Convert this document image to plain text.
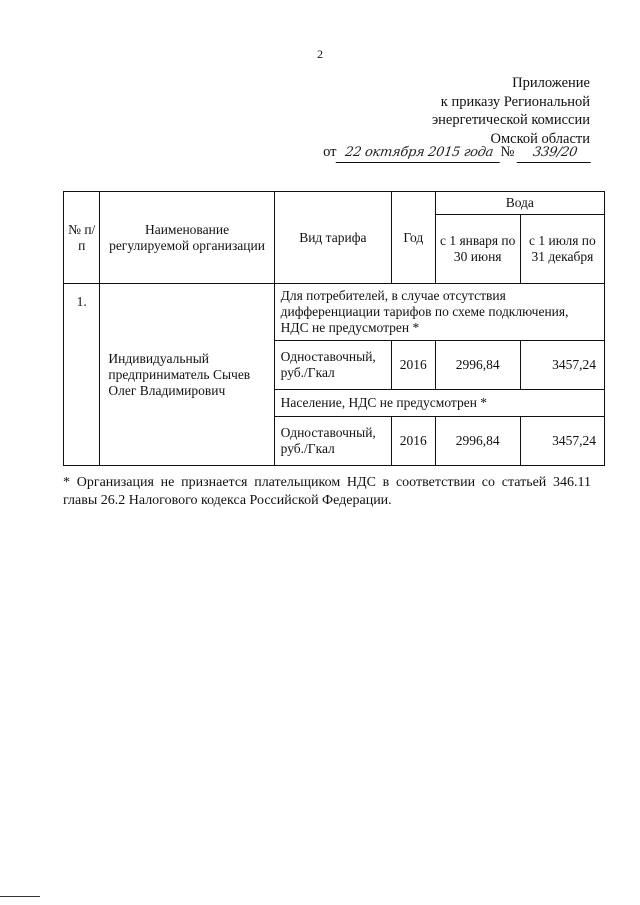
2
Приложение
к приказу Региональной
энергетической комиссии
Омской области
от 22 октября 2015 года № 339/20
№ п/п	Наименование регулируемой организации	Вид тарифа	Год	Вода	
				с 1 января по 30 июня	с 1 июля по 31 декабря
1.	Индивидуальный предприниматель Сычев Олег Владимирович	Для потребителей, в случае отсутствия дифференциации тарифов по схеме подключения, НДС не предусмотрен *			
		Одноставочный, руб./Гкал	2016	2996,84	3457,24
		Население, НДС не предусмотрен *			
		Одноставочный, руб./Гкал	2016	2996,84	3457,24
* Организация не признается плательщиком НДС в соответствии со статьей 346.11 главы 26.2 Налогового кодекса Российской Федерации.
